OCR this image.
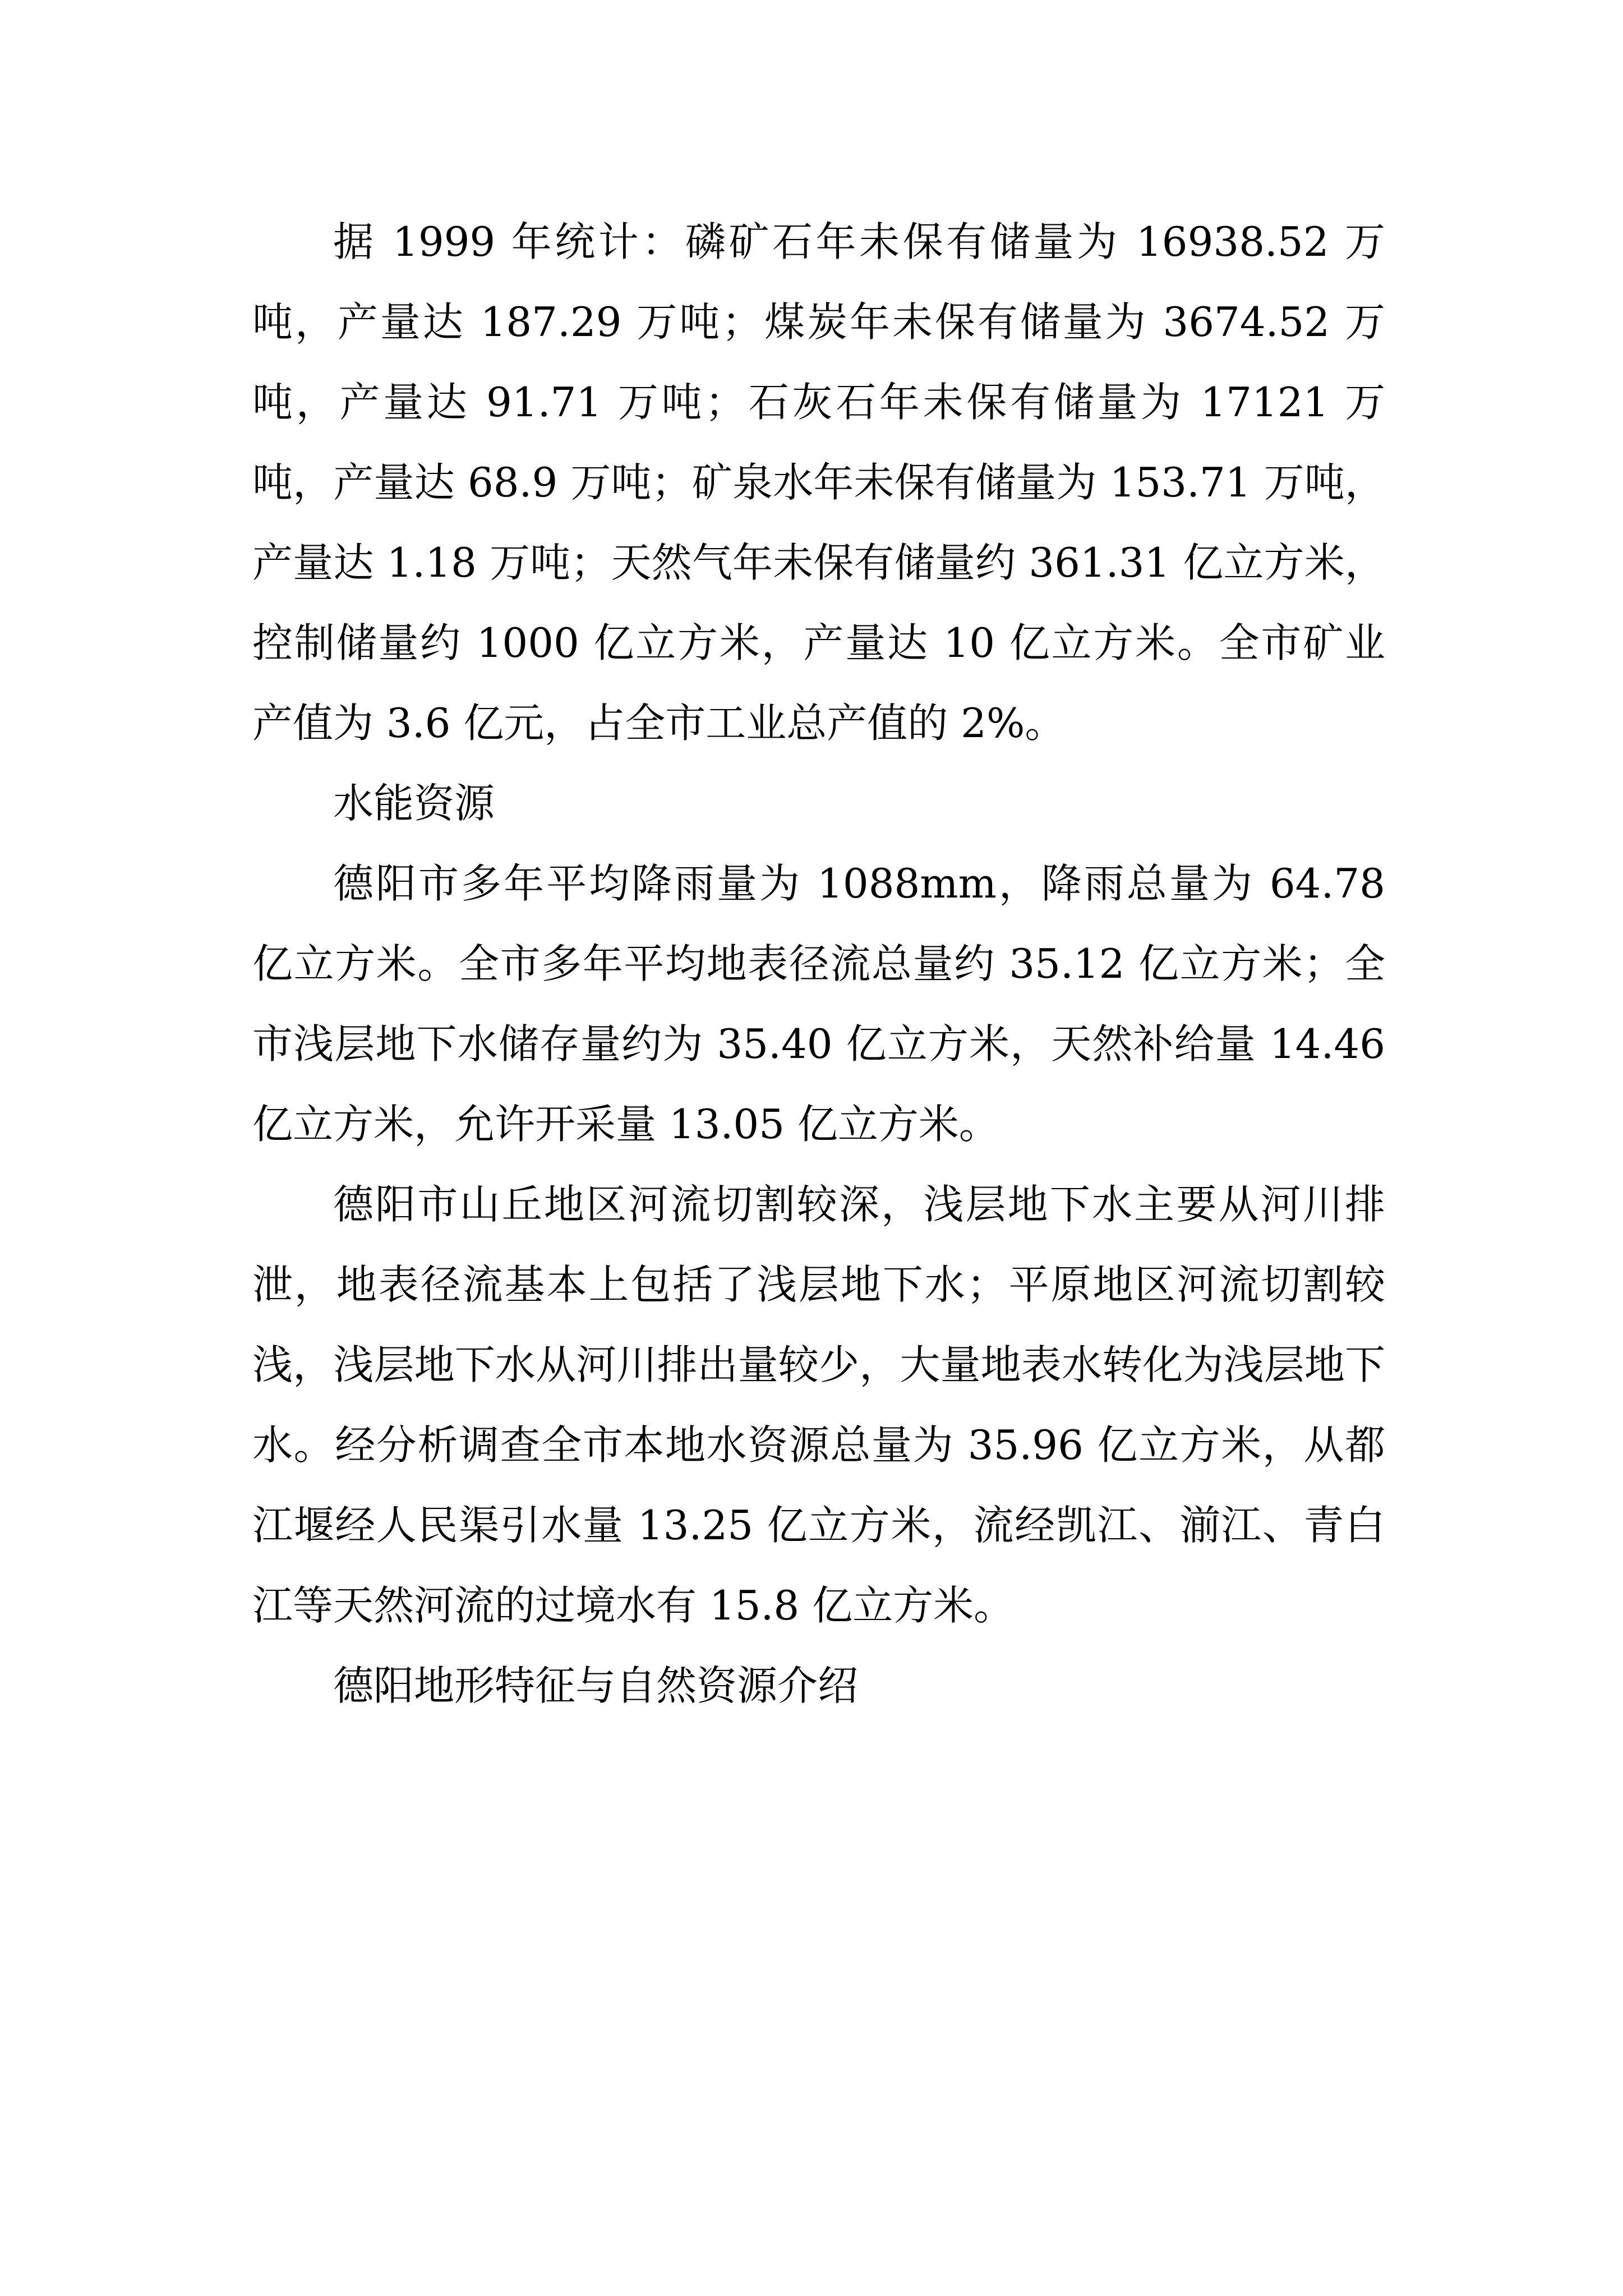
据 1999 年统计：磷矿石年未保有储量为 16938.52 万吨，产量达 187.29 万吨；煤炭年未保有储量为 3674.52 万吨，产量达 91.71 万吨；石灰石年未保有储量为 17121 万吨，产量达 68.9 万吨；矿泉水年未保有储量为 153.71 万吨，产量达 1.18 万吨；天然气年未保有储量约 361.31 亿立方米，控制储量约 1000 亿立方米，产量达 10 亿立方米。全市矿业产值为 3.6 亿元，占全市工业总产值的 2%。

水能资源

德阳市多年平均降雨量为 1088mm，降雨总量为 64.78 亿立方米。全市多年平均地表径流总量约 35.12 亿立方米；全市浅层地下水储存量约为 35.40 亿立方米，天然补给量 14.46 亿立方米，允许开采量 13.05 亿立方米。

德阳市山丘地区河流切割较深，浅层地下水主要从河川排泄，地表径流基本上包括了浅层地下水；平原地区河流切割较浅，浅层地下水从河川排出量较少，大量地表水转化为浅层地下水。经分析调查全市本地水资源总量为 35.96 亿立方米，从都江堰经人民渠引水量 13.25 亿立方米，流经凯江、湔江、青白江等天然河流的过境水有 15.8 亿立方米。

德阳地形特征与自然资源介绍
